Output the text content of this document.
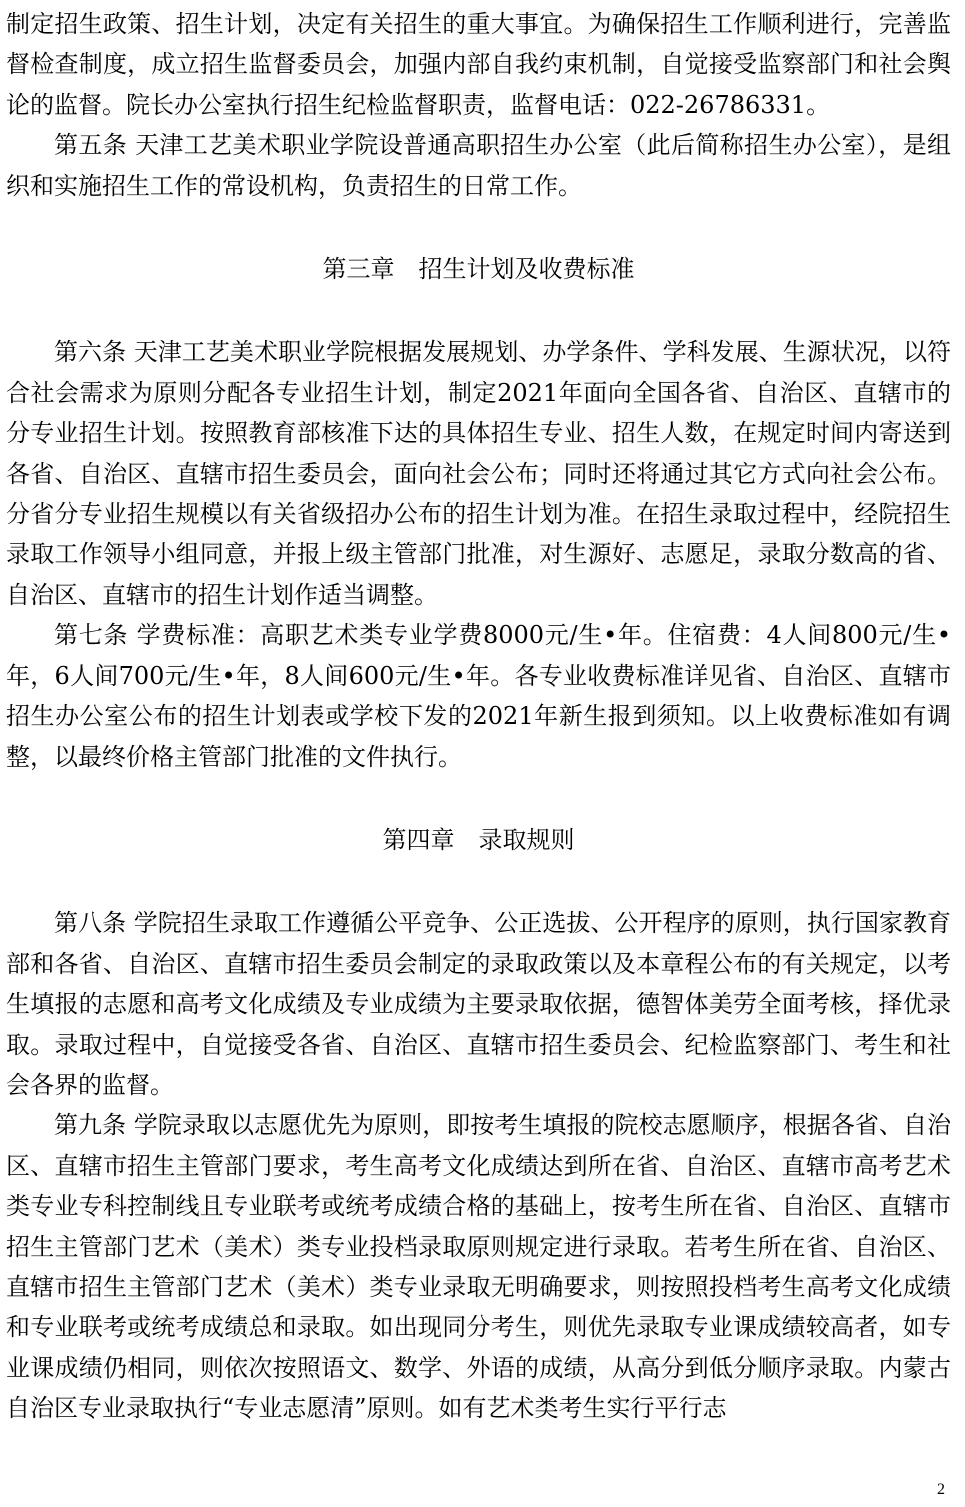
制定招生政策、招生计划，决定有关招生的重大事宜。为确保招生工作顺利进行，完善监督检查制度，成立招生监督委员会，加强内部自我约束机制，自觉接受监察部门和社会舆论的监督。院长办公室执行招生纪检监督职责，监督电话：022-26786331。

第五条 天津工艺美术职业学院设普通高职招生办公室（此后简称招生办公室），是组织和实施招生工作的常设机构，负责招生的日常工作。

第三章　招生计划及收费标准

第六条 天津工艺美术职业学院根据发展规划、办学条件、学科发展、生源状况，以符合社会需求为原则分配各专业招生计划，制定2021年面向全国各省、自治区、直辖市的分专业招生计划。按照教育部核准下达的具体招生专业、招生人数，在规定时间内寄送到各省、自治区、直辖市招生委员会，面向社会公布；同时还将通过其它方式向社会公布。分省分专业招生规模以有关省级招办公布的招生计划为准。在招生录取过程中，经院招生录取工作领导小组同意，并报上级主管部门批准，对生源好、志愿足，录取分数高的省、自治区、直辖市的招生计划作适当调整。

第七条 学费标准：高职艺术类专业学费8000元/生•年。住宿费：4人间800元/生•年，6人间700元/生•年，8人间600元/生•年。各专业收费标准详见省、自治区、直辖市招生办公室公布的招生计划表或学校下发的2021年新生报到须知。以上收费标准如有调整，以最终价格主管部门批准的文件执行。

第四章　录取规则

第八条 学院招生录取工作遵循公平竞争、公正选拔、公开程序的原则，执行国家教育部和各省、自治区、直辖市招生委员会制定的录取政策以及本章程公布的有关规定，以考生填报的志愿和高考文化成绩及专业成绩为主要录取依据，德智体美劳全面考核，择优录取。录取过程中，自觉接受各省、自治区、直辖市招生委员会、纪检监察部门、考生和社会各界的监督。

第九条 学院录取以志愿优先为原则，即按考生填报的院校志愿顺序，根据各省、自治区、直辖市招生主管部门要求，考生高考文化成绩达到所在省、自治区、直辖市高考艺术类专业专科控制线且专业联考或统考成绩合格的基础上，按考生所在省、自治区、直辖市招生主管部门艺术（美术）类专业投档录取原则规定进行录取。若考生所在省、自治区、直辖市招生主管部门艺术（美术）类专业录取无明确要求，则按照投档考生高考文化成绩和专业联考或统考成绩总和录取。如出现同分考生，则优先录取专业课成绩较高者，如专业课成绩仍相同，则依次按照语文、数学、外语的成绩，从高分到低分顺序录取。内蒙古自治区专业录取执行“专业志愿清”原则。如有艺术类考生实行平行志

2
